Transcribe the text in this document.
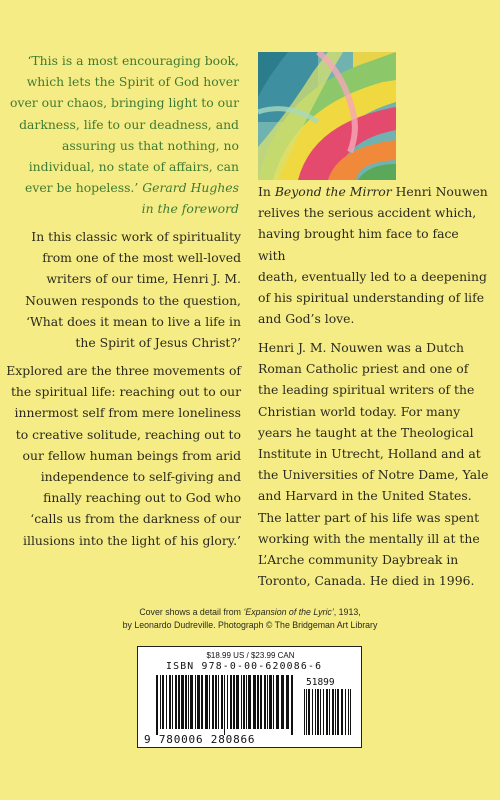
‘This is a most encouraging book,
which lets the Spirit of God hover
over our chaos, bringing light to our
darkness, life to our deadness, and
assuring us that nothing, no
individual, no state of affairs, can
ever be hopeless.’ Gerard Hughes
in the foreword
In this classic work of spirituality
from one of the most well-loved
writers of our time, Henri J. M.
Nouwen responds to the question,
‘What does it mean to live a life in
the Spirit of Jesus Christ?’
Explored are the three movements of
the spiritual life: reaching out to our
innermost self from mere loneliness
to creative solitude, reaching out to
our fellow human beings from arid
independence to self-giving and
finally reaching out to God who
‘calls us from the darkness of our
illusions into the light of his glory.’
In Beyond the Mirror Henri Nouwen
relives the serious accident which,
having brought him face to face with
death, eventually led to a deepening
of his spiritual understanding of life
and God’s love.
Henri J. M. Nouwen was a Dutch
Roman Catholic priest and one of
the leading spiritual writers of the
Christian world today. For many
years he taught at the Theological
Institute in Utrecht, Holland and at
the Universities of Notre Dame, Yale
and Harvard in the United States.
The latter part of his life was spent
working with the mentally ill at the
L’Arche community Daybreak in
Toronto, Canada. He died in 1996.
Cover shows a detail from ‘Expansion of the Lyric’, 1913,
by Leonardo Dudreville. Photograph © The Bridgeman Art Library
$18.99 US / $23.99 CAN
ISBN 978-0-00-620086-6
51899
9 780006 280866
